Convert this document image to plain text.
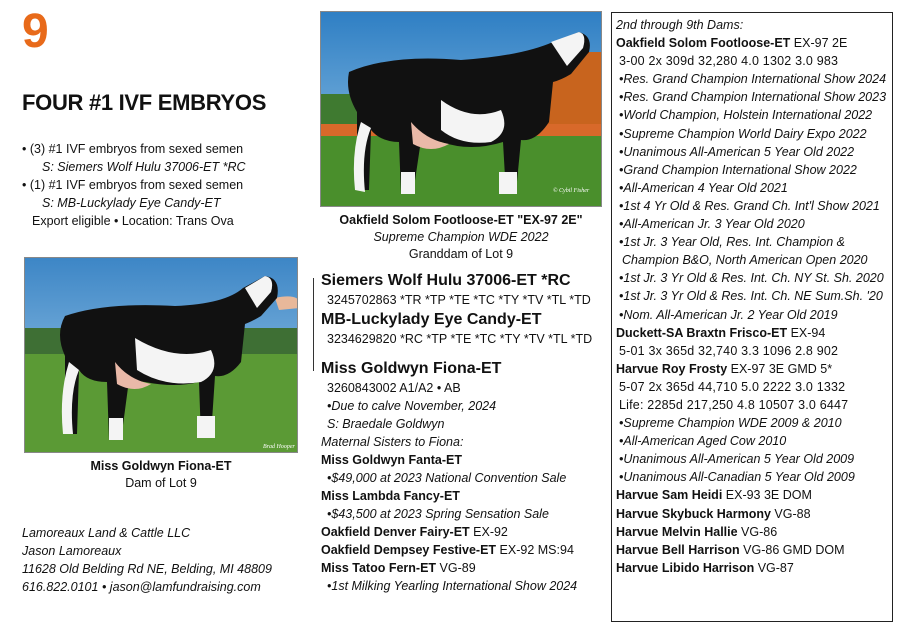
9
FOUR #1 IVF EMBRYOS
• (3) #1 IVF embryos from sexed semen
S: Siemers Wolf Hulu 37006-ET *RC
• (1) #1 IVF embryos from sexed semen
S: MB-Luckylady Eye Candy-ET
Export eligible • Location: Trans Ova
© Cybil Fisher
Oakfield Solom Footloose-ET "EX-97 2E"
Supreme Champion WDE 2022
Granddam of Lot 9
Brad Hooper
Miss Goldwyn Fiona-ET
Dam of Lot 9
Lamoreaux Land & Cattle LLC
Jason Lamoreaux
11628 Old Belding Rd NE, Belding, MI 48809
616.822.0101 • jason@lamfundraising.com
Siemers Wolf Hulu 37006-ET *RC
3245702863 *TR *TP *TE *TC *TY *TV *TL *TD
MB-Luckylady Eye Candy-ET
3234629820 *RC *TP *TE *TC *TY *TV *TL *TD
Miss Goldwyn Fiona-ET
3260843002 A1/A2 • AB
•Due to calve November, 2024
S: Braedale Goldwyn
Maternal Sisters to Fiona:
Miss Goldwyn Fanta-ET
•$49,000 at 2023 National Convention Sale
Miss Lambda Fancy-ET
•$43,500 at 2023 Spring Sensation Sale
Oakfield Denver Fairy-ET EX-92
Oakfield Dempsey Festive-ET EX-92 MS:94
Miss Tatoo Fern-ET VG-89
•1st Milking Yearling International Show 2024
2nd through 9th Dams:
Oakfield Solom Footloose-ET EX-97 2E
3-00 2x 309d 32,280 4.0 1302 3.0 983
•Res. Grand Champion International Show 2024
•Res. Grand Champion International Show 2023
•World Champion, Holstein International 2022
•Supreme Champion World Dairy Expo 2022
•Unanimous All-American 5 Year Old 2022
•Grand Champion International Show 2022
•All-American 4 Year Old 2021
•1st 4 Yr Old & Res. Grand Ch. Int'l Show 2021
•All-American Jr. 3 Year Old 2020
•1st Jr. 3 Year Old, Res. Int. Champion &
Champion B&O, North American Open 2020
•1st Jr. 3 Yr Old & Res. Int. Ch. NY St. Sh. 2020
•1st Jr. 3 Yr Old & Res. Int. Ch. NE Sum.Sh. '20
•Nom. All-American Jr. 2 Year Old 2019
Duckett-SA Braxtn Frisco-ET EX-94
5-01 3x 365d 32,740 3.3 1096 2.8 902
Harvue Roy Frosty EX-97 3E GMD 5*
5-07 2x 365d 44,710 5.0 2222 3.0 1332
Life: 2285d 217,250 4.8 10507 3.0 6447
•Supreme Champion WDE 2009 & 2010
•All-American Aged Cow 2010
•Unanimous All-American 5 Year Old 2009
•Unanimous All-Canadian 5 Year Old 2009
Harvue Sam Heidi EX-93 3E DOM
Harvue Skybuck Harmony VG-88
Harvue Melvin Hallie VG-86
Harvue Bell Harrison VG-86 GMD DOM
Harvue Libido Harrison VG-87
